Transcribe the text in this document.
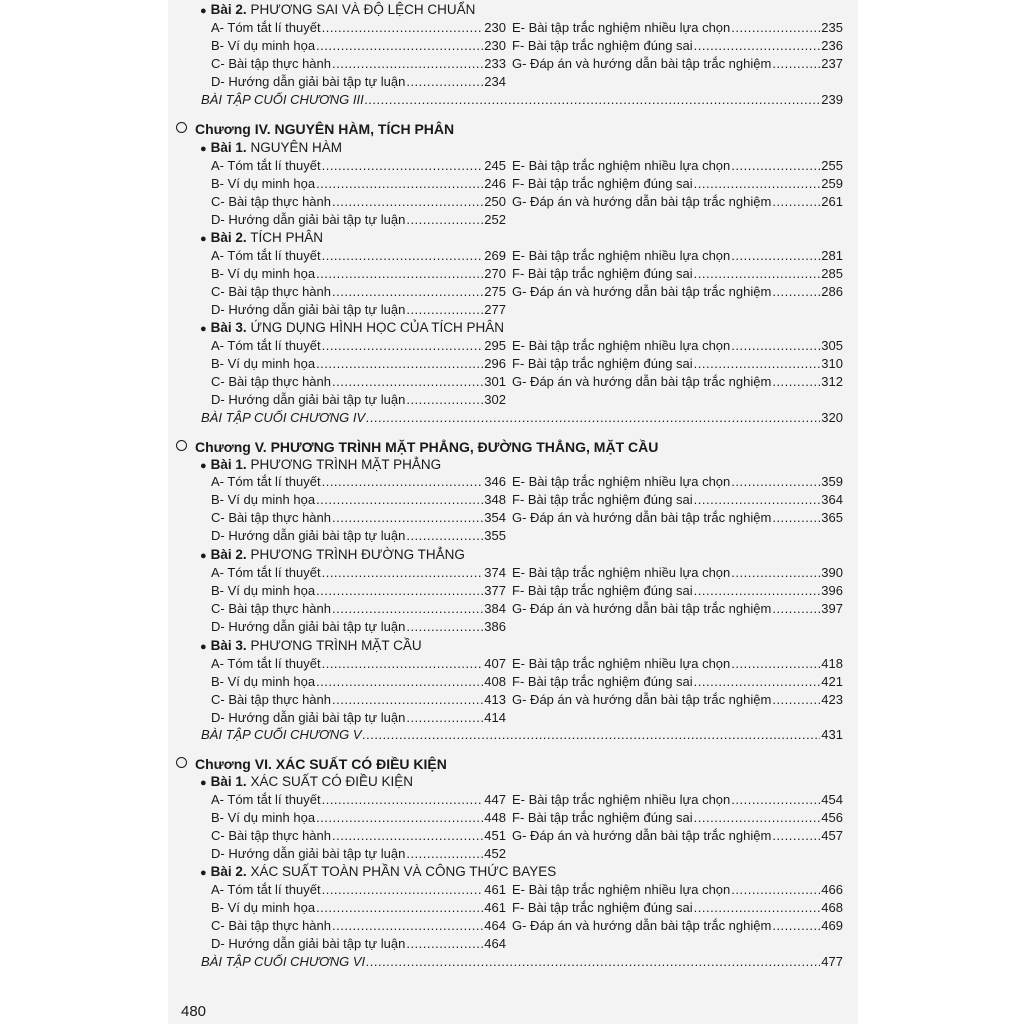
● Bài 2. PHƯƠNG SAI VÀ ĐỘ LỆCH CHUẨN
A- Tóm tắt lí thuyết .....	230
B- Ví dụ minh họa .....	230
C- Bài tập thực hành .....	233
D- Hướng dẫn giải bài tập tự luận .....	234
E- Bài tập trắc nghiệm nhiều lựa chọn .....	235
F- Bài tập trắc nghiệm đúng sai .....	236
G- Đáp án và hướng dẫn bài tập trắc nghiệm .....	237
BÀI TẬP CUỐI CHƯƠNG III .....	239
Chương IV. NGUYÊN HÀM, TÍCH PHÂN
● Bài 1. NGUYÊN HÀM
A- Tóm tắt lí thuyết .....	245
B- Ví dụ minh họa .....	246
C- Bài tập thực hành .....	250
D- Hướng dẫn giải bài tập tự luận .....	252
E- Bài tập trắc nghiệm nhiều lựa chọn .....	255
F- Bài tập trắc nghiệm đúng sai .....	259
G- Đáp án và hướng dẫn bài tập trắc nghiệm .....	261
● Bài 2. TÍCH PHÂN
A- Tóm tắt lí thuyết .....	269
B- Ví dụ minh họa .....	270
C- Bài tập thực hành .....	275
D- Hướng dẫn giải bài tập tự luận .....	277
E- Bài tập trắc nghiệm nhiều lựa chọn .....	281
F- Bài tập trắc nghiệm đúng sai .....	285
G- Đáp án và hướng dẫn bài tập trắc nghiệm .....	286
● Bài 3. ỨNG DỤNG HÌNH HỌC CỦA TÍCH PHÂN
A- Tóm tắt lí thuyết .....	295
B- Ví dụ minh họa .....	296
C- Bài tập thực hành .....	301
D- Hướng dẫn giải bài tập tự luận .....	302
E- Bài tập trắc nghiệm nhiều lựa chọn .....	305
F- Bài tập trắc nghiệm đúng sai .....	310
G- Đáp án và hướng dẫn bài tập trắc nghiệm .....	312
BÀI TẬP CUỐI CHƯƠNG IV .....	320
Chương V. PHƯƠNG TRÌNH MẶT PHẲNG, ĐƯỜNG THẲNG, MẶT CẦU
● Bài 1. PHƯƠNG TRÌNH MẶT PHẲNG
A- Tóm tắt lí thuyết .....	346
B- Ví dụ minh họa .....	348
C- Bài tập thực hành .....	354
D- Hướng dẫn giải bài tập tự luận .....	355
E- Bài tập trắc nghiệm nhiều lựa chọn .....	359
F- Bài tập trắc nghiệm đúng sai .....	364
G- Đáp án và hướng dẫn bài tập trắc nghiệm .....	365
● Bài 2. PHƯƠNG TRÌNH ĐƯỜNG THẲNG
A- Tóm tắt lí thuyết .....	374
B- Ví dụ minh họa .....	377
C- Bài tập thực hành .....	384
D- Hướng dẫn giải bài tập tự luận .....	386
E- Bài tập trắc nghiệm nhiều lựa chọn .....	390
F- Bài tập trắc nghiệm đúng sai .....	396
G- Đáp án và hướng dẫn bài tập trắc nghiệm .....	397
● Bài 3. PHƯƠNG TRÌNH MẶT CẦU
A- Tóm tắt lí thuyết .....	407
B- Ví dụ minh họa .....	408
C- Bài tập thực hành .....	413
D- Hướng dẫn giải bài tập tự luận .....	414
E- Bài tập trắc nghiệm nhiều lựa chọn .....	418
F- Bài tập trắc nghiệm đúng sai .....	421
G- Đáp án và hướng dẫn bài tập trắc nghiệm .....	423
BÀI TẬP CUỐI CHƯƠNG V .....	431
Chương VI. XÁC SUẤT CÓ ĐIỀU KIỆN
● Bài 1. XÁC SUẤT CÓ ĐIỀU KIỆN
A- Tóm tắt lí thuyết .....	447
B- Ví dụ minh họa .....	448
C- Bài tập thực hành .....	451
D- Hướng dẫn giải bài tập tự luận .....	452
E- Bài tập trắc nghiệm nhiều lựa chọn .....	454
F- Bài tập trắc nghiệm đúng sai .....	456
G- Đáp án và hướng dẫn bài tập trắc nghiệm .....	457
● Bài 2. XÁC SUẤT TOÀN PHẦN VÀ CÔNG THỨC BAYES
A- Tóm tắt lí thuyết .....	461
B- Ví dụ minh họa .....	461
C- Bài tập thực hành .....	464
D- Hướng dẫn giải bài tập tự luận .....	464
E- Bài tập trắc nghiệm nhiều lựa chọn .....	466
F- Bài tập trắc nghiệm đúng sai .....	468
G- Đáp án và hướng dẫn bài tập trắc nghiệm .....	469
BÀI TẬP CUỐI CHƯƠNG VI .....	477
480
